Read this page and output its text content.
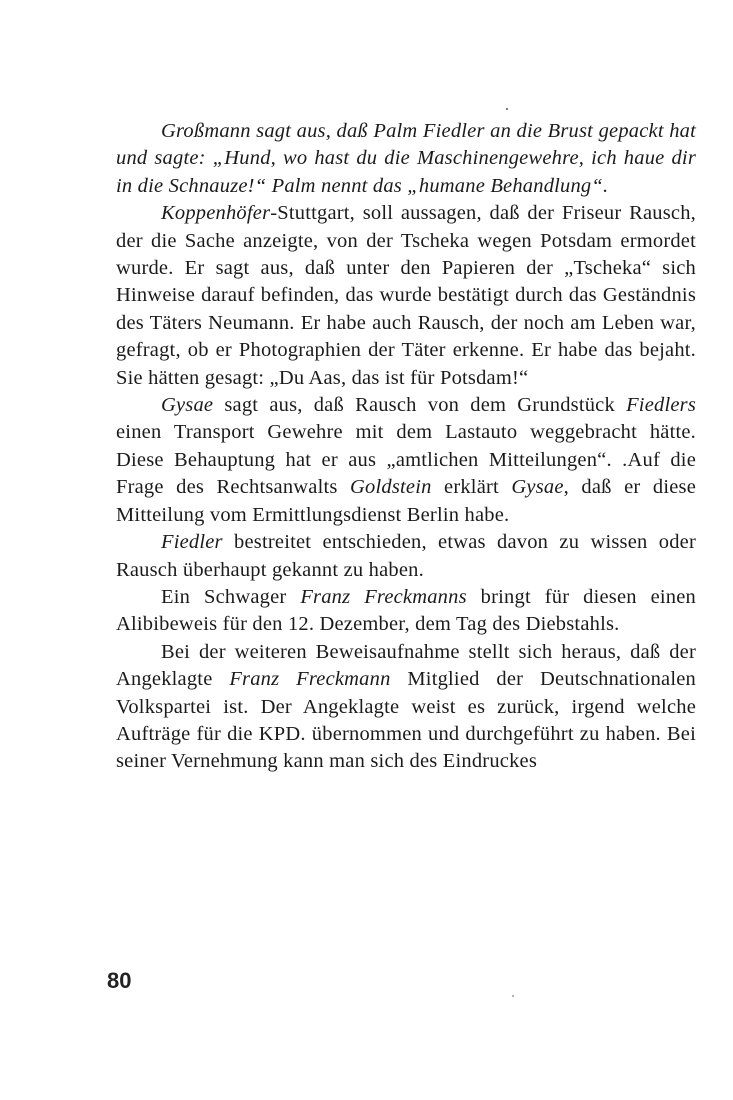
Großmann sagt aus, daß Palm Fiedler an die Brust gepackt hat und sagte: „Hund, wo hast du die Maschinengewehre, ich haue dir in die Schnauze!“ Palm nennt das „humane Behandlung“.

Koppenhöfer-Stuttgart, soll aussagen, daß der Friseur Rausch, der die Sache anzeigte, von der Tscheka wegen Potsdam ermordet wurde. Er sagt aus, daß unter den Papieren der „Tscheka“ sich Hinweise darauf befinden, das wurde bestätigt durch das Geständnis des Täters Neumann. Er habe auch Rausch, der noch am Leben war, gefragt, ob er Photographien der Täter erkenne. Er habe das bejaht. Sie hätten gesagt: „Du Aas, das ist für Potsdam!“

Gysae sagt aus, daß Rausch von dem Grundstück Fiedlers einen Transport Gewehre mit dem Lastauto weggebracht hätte. Diese Behauptung hat er aus „amtlichen Mitteilungen“. .Auf die Frage des Rechtsanwalts Goldstein erklärt Gysae, daß er diese Mitteilung vom Ermittlungsdienst Berlin habe.

Fiedler bestreitet entschieden, etwas davon zu wissen oder Rausch überhaupt gekannt zu haben.

Ein Schwager Franz Freckmanns bringt für diesen einen Alibibeweis für den 12. Dezember, dem Tag des Diebstahls.

Bei der weiteren Beweisaufnahme stellt sich heraus, daß der Angeklagte Franz Freckmann Mitglied der Deutschnationalen Volkspartei ist. Der Angeklagte weist es zurück, irgend welche Aufträge für die KPD. übernommen und durchgeführt zu haben. Bei seiner Vernehmung kann man sich des Eindruckes

80
